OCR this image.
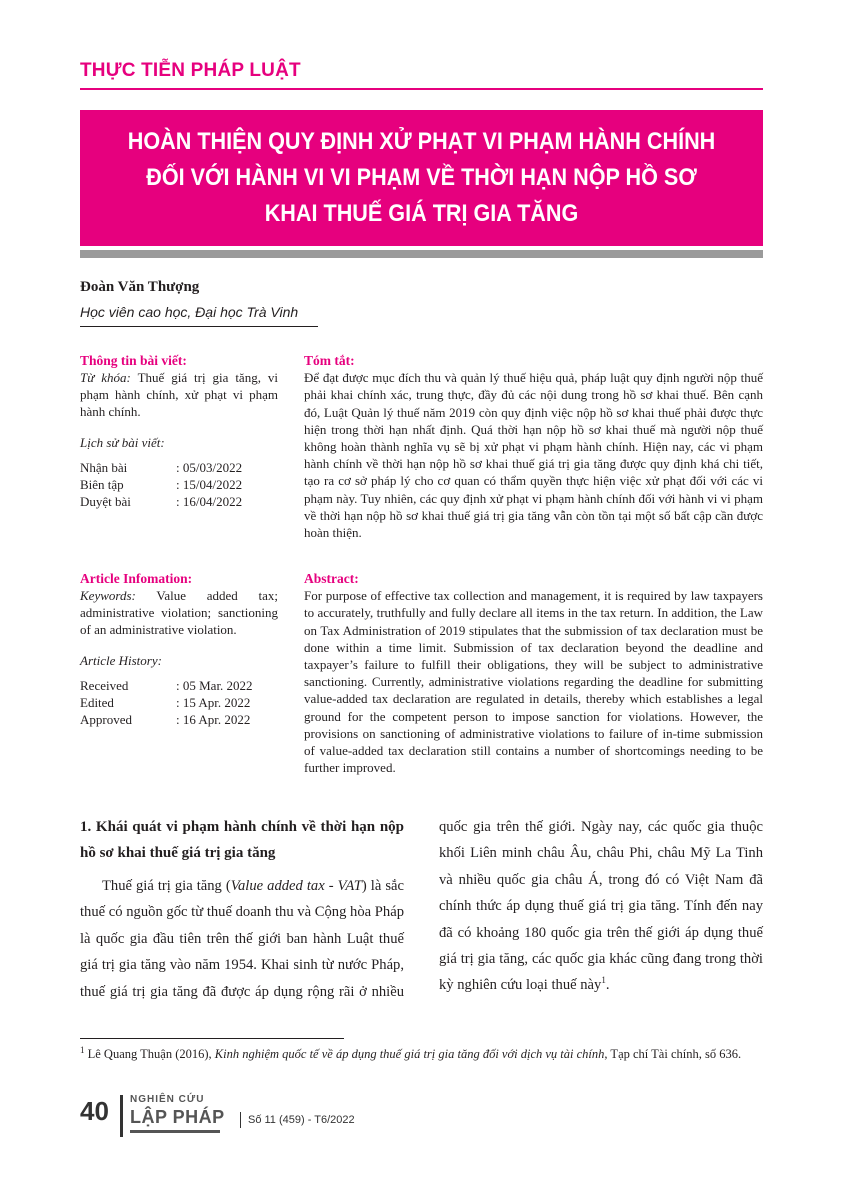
THỰC TIỄN PHÁP LUẬT
HOÀN THIỆN QUY ĐỊNH XỬ PHẠT VI PHẠM HÀNH CHÍNH
ĐỐI VỚI HÀNH VI VI PHẠM VỀ THỜI HẠN NỘP HỒ SƠ
KHAI THUẾ GIÁ TRỊ GIA TĂNG
Đoàn Văn Thượng
Học viên cao học, Đại học Trà Vinh
Thông tin bài viết:
Từ khóa: Thuế giá trị gia tăng, vi phạm hành chính, xử phạt vi phạm hành chính.
Lịch sử bài viết:
Nhận bài	: 05/03/2022
Biên tập	: 15/04/2022
Duyệt bài	: 16/04/2022
Article Infomation:
Keywords: Value added tax; administrative violation; sanctioning of an administrative violation.
Article History:
Received	: 05 Mar. 2022
Edited	: 15 Apr. 2022
Approved	: 16 Apr. 2022
Tóm tắt:
Để đạt được mục đích thu và quản lý thuế hiệu quả, pháp luật quy định người nộp thuế phải khai chính xác, trung thực, đầy đủ các nội dung trong hồ sơ khai thuế. Bên cạnh đó, Luật Quản lý thuế năm 2019 còn quy định việc nộp hồ sơ khai thuế phải được thực hiện trong thời hạn nhất định. Quá thời hạn nộp hồ sơ khai thuế mà người nộp thuế không hoàn thành nghĩa vụ sẽ bị xử phạt vi phạm hành chính. Hiện nay, các vi phạm hành chính về thời hạn nộp hồ sơ khai thuế giá trị gia tăng được quy định khá chi tiết, tạo ra cơ sở pháp lý cho cơ quan có thẩm quyền thực hiện việc xử phạt đối với các vi phạm này. Tuy nhiên, các quy định xử phạt vi phạm hành chính đối với hành vi vi phạm về thời hạn nộp hồ sơ khai thuế giá trị gia tăng vẫn còn tồn tại một số bất cập cần được hoàn thiện.
Abstract:
For purpose of effective tax collection and management, it is required by law taxpayers to accurately, truthfully and fully declare all items in the tax return. In addition, the Law on Tax Administration of 2019 stipulates that the submission of tax declaration must be done within a time limit. Submission of tax declaration beyond the deadline and taxpayer’s failure to fulfill their obligations, they will be subject to administrative sanctioning. Currently, administrative violations regarding the deadline for submitting value-added tax declaration are regulated in details, thereby which establishes a legal ground for the competent person to impose sanction for violations. However, the provisions on sanctioning of administrative violations to failure of in-time submission of value-added tax declaration still contains a number of shortcomings needing to be further improved.
1. Khái quát vi phạm hành chính về thời hạn nộp hồ sơ khai thuế giá trị gia tăng

Thuế giá trị gia tăng (Value added tax - VAT) là sắc thuế có nguồn gốc từ thuế doanh thu và Cộng hòa Pháp là quốc gia đầu tiên trên thế giới ban hành Luật thuế giá trị gia tăng vào năm 1954. Khai sinh từ nước Pháp, thuế giá trị gia tăng đã được áp dụng rộng rãi ở nhiều quốc gia trên thế giới. Ngày nay, các quốc gia thuộc khối Liên minh châu Âu, châu Phi, châu Mỹ La Tinh và nhiều quốc gia châu Á, trong đó có Việt Nam đã chính thức áp dụng thuế giá trị gia tăng. Tính đến nay đã có khoảng 180 quốc gia trên thế giới áp dụng thuế giá trị gia tăng, các quốc gia khác cũng đang trong thời kỳ nghiên cứu loại thuế này$^1$.

$^1$ Lê Quang Thuận (2016), Kinh nghiệm quốc tế về áp dụng thuế giá trị gia tăng đối với dịch vụ tài chính, Tạp chí Tài chính, số 636.
40 NGHIÊN CỨU
LẬP PHÁP Số 11 (459) - T6/2022
